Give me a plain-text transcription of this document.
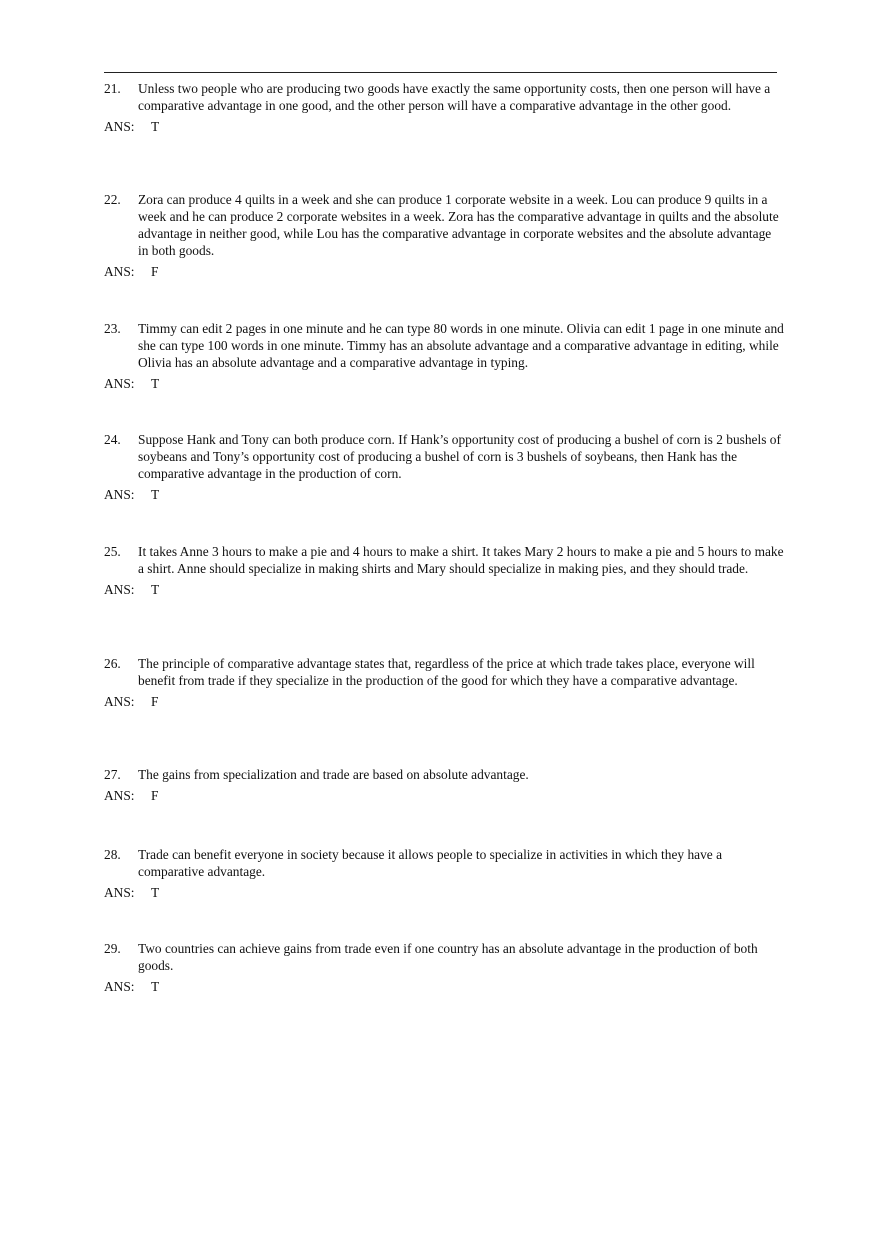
21.	Unless two people who are producing two goods have exactly the same opportunity costs, then one person will have a comparative advantage in one good, and the other person will have a comparative advantage in the other good.
ANS:	T
22.	Zora can produce 4 quilts in a week and she can produce 1 corporate website in a week. Lou can produce 9 quilts in a week and he can produce 2 corporate websites in a week. Zora has the comparative advantage in quilts and the absolute advantage in neither good, while Lou has the comparative advantage in corporate websites and the absolute advantage in both goods.
ANS:	F
23.	Timmy can edit 2 pages in one minute and he can type 80 words in one minute. Olivia can edit 1 page in one minute and she can type 100 words in one minute. Timmy has an absolute advantage and a comparative advantage in editing, while Olivia has an absolute advantage and a comparative advantage in typing.
ANS:	T
24.	Suppose Hank and Tony can both produce corn. If Hank’s opportunity cost of producing a bushel of corn is 2 bushels of soybeans and Tony’s opportunity cost of producing a bushel of corn is 3 bushels of soybeans, then Hank has the comparative advantage in the production of corn.
ANS:	T
25.	It takes Anne 3 hours to make a pie and 4 hours to make a shirt. It takes Mary 2 hours to make a pie and 5 hours to make a shirt. Anne should specialize in making shirts and Mary should specialize in making pies, and they should trade.
ANS:	T
26.	The principle of comparative advantage states that, regardless of the price at which trade takes place, everyone will benefit from trade if they specialize in the production of the good for which they have a comparative advantage.
ANS:	F
27.	The gains from specialization and trade are based on absolute advantage.
ANS:	F
28.	Trade can benefit everyone in society because it allows people to specialize in activities in which they have a comparative advantage.
ANS:	T
29.	Two countries can achieve gains from trade even if one country has an absolute advantage in the production of both goods.
ANS:	T
